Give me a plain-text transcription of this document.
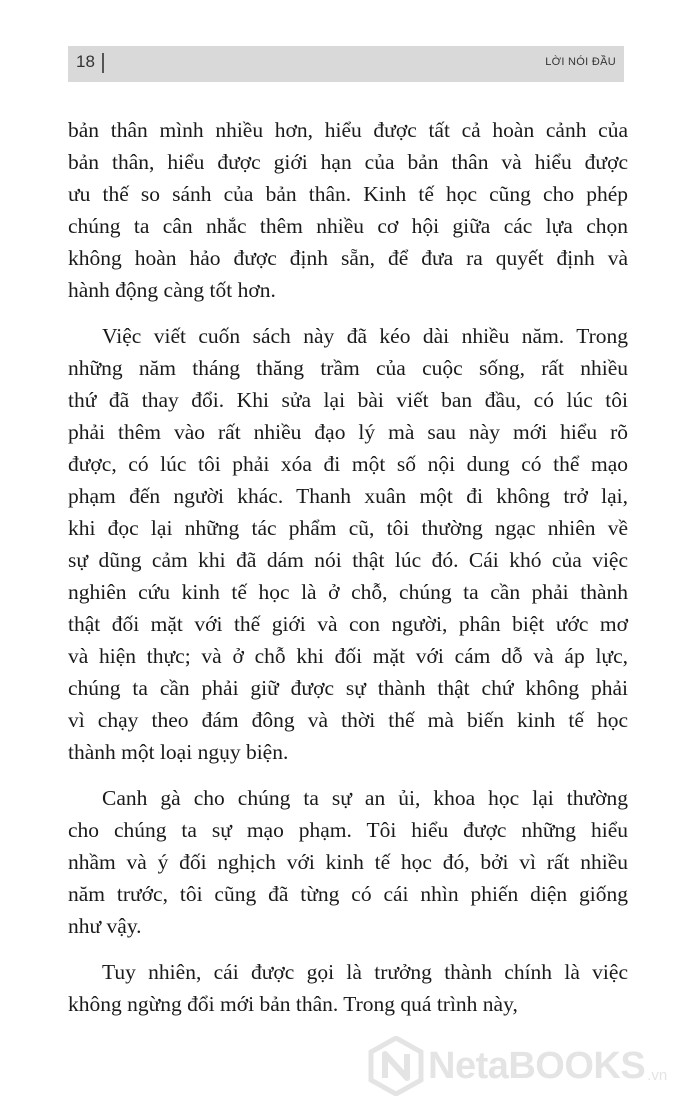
18	LỜI NÓI ĐẦU

bản thân mình nhiều hơn, hiểu được tất cả hoàn cảnh của
bản thân, hiểu được giới hạn của bản thân và hiểu được
ưu thế so sánh của bản thân. Kinh tế học cũng cho phép
chúng ta cân nhắc thêm nhiều cơ hội giữa các lựa chọn
không hoàn hảo được định sẵn, để đưa ra quyết định và
hành động càng tốt hơn.

Việc viết cuốn sách này đã kéo dài nhiều năm. Trong
những năm tháng thăng trầm của cuộc sống, rất nhiều
thứ đã thay đổi. Khi sửa lại bài viết ban đầu, có lúc tôi
phải thêm vào rất nhiều đạo lý mà sau này mới hiểu rõ
được, có lúc tôi phải xóa đi một số nội dung có thể mạo
phạm đến người khác. Thanh xuân một đi không trở lại,
khi đọc lại những tác phẩm cũ, tôi thường ngạc nhiên về
sự dũng cảm khi đã dám nói thật lúc đó. Cái khó của việc
nghiên cứu kinh tế học là ở chỗ, chúng ta cần phải thành
thật đối mặt với thế giới và con người, phân biệt ước mơ
và hiện thực; và ở chỗ khi đối mặt với cám dỗ và áp lực,
chúng ta cần phải giữ được sự thành thật chứ không phải
vì chạy theo đám đông và thời thế mà biến kinh tế học
thành một loại ngụy biện.

Canh gà cho chúng ta sự an ủi, khoa học lại thường
cho chúng ta sự mạo phạm. Tôi hiểu được những hiểu
nhầm và ý đối nghịch với kinh tế học đó, bởi vì rất nhiều
năm trước, tôi cũng đã từng có cái nhìn phiến diện giống
như vậy.

Tuy nhiên, cái được gọi là trưởng thành chính là việc
không ngừng đổi mới bản thân. Trong quá trình này,

NetaBOOKS .vn
